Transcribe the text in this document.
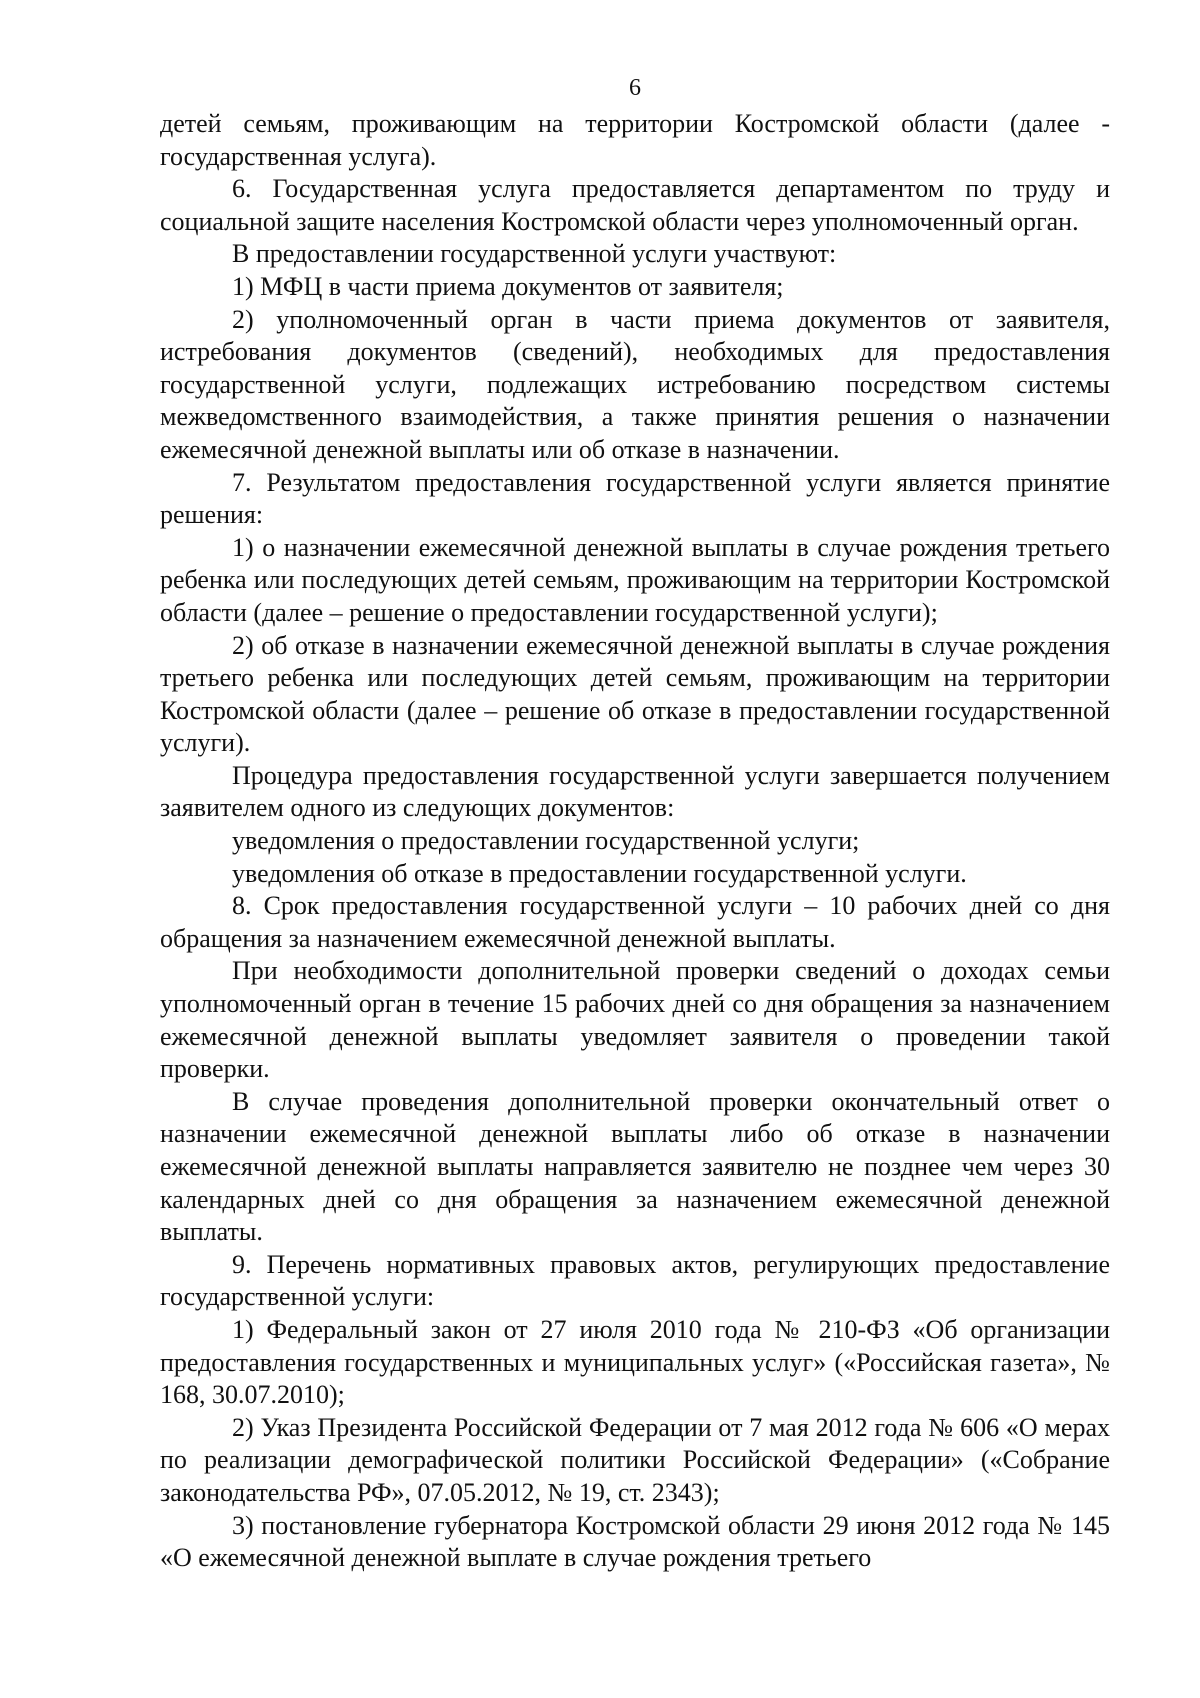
6

детей семьям, проживающим на территории Костромской области (далее - государственная услуга).

6. Государственная услуга предоставляется департаментом по труду и социальной защите населения Костромской области через уполномоченный орган.

В предоставлении государственной услуги участвуют:

1) МФЦ в части приема документов от заявителя;

2) уполномоченный орган в части приема документов от заявителя, истребования документов (сведений), необходимых для предоставления государственной услуги, подлежащих истребованию посредством системы межведомственного взаимодействия, а также принятия решения о назначении ежемесячной денежной выплаты или об отказе в назначении.

7. Результатом предоставления государственной услуги является принятие решения:

1) о назначении ежемесячной денежной выплаты в случае рождения третьего ребенка или последующих детей семьям, проживающим на территории Костромской области (далее – решение о предоставлении государственной услуги);

2) об отказе в назначении ежемесячной денежной выплаты в случае рождения третьего ребенка или последующих детей семьям, проживающим на территории Костромской области (далее – решение об отказе в предоставлении государственной услуги).

Процедура предоставления государственной услуги завершается получением заявителем одного из следующих документов:

уведомления о предоставлении государственной услуги;

уведомления об отказе в предоставлении государственной услуги.

8. Срок предоставления государственной услуги – 10 рабочих дней со дня обращения за назначением ежемесячной денежной выплаты.

При необходимости дополнительной проверки сведений о доходах семьи уполномоченный орган в течение 15 рабочих дней со дня обращения за назначением ежемесячной денежной выплаты уведомляет заявителя о проведении такой проверки.

В случае проведения дополнительной проверки окончательный ответ о назначении ежемесячной денежной выплаты либо об отказе в назначении ежемесячной денежной выплаты направляется заявителю не позднее чем через 30 календарных дней со дня обращения за назначением ежемесячной денежной выплаты.

9. Перечень нормативных правовых актов, регулирующих предоставление государственной услуги:

1) Федеральный закон от 27 июля 2010 года № 210-ФЗ «Об организации предоставления государственных и муниципальных услуг» («Российская газета», № 168, 30.07.2010);

2) Указ Президента Российской Федерации от 7 мая 2012 года № 606 «О мерах по реализации демографической политики Российской Федерации» («Собрание законодательства РФ», 07.05.2012, № 19, ст. 2343);

3) постановление губернатора Костромской области 29 июня 2012 года № 145 «О ежемесячной денежной выплате в случае рождения третьего
